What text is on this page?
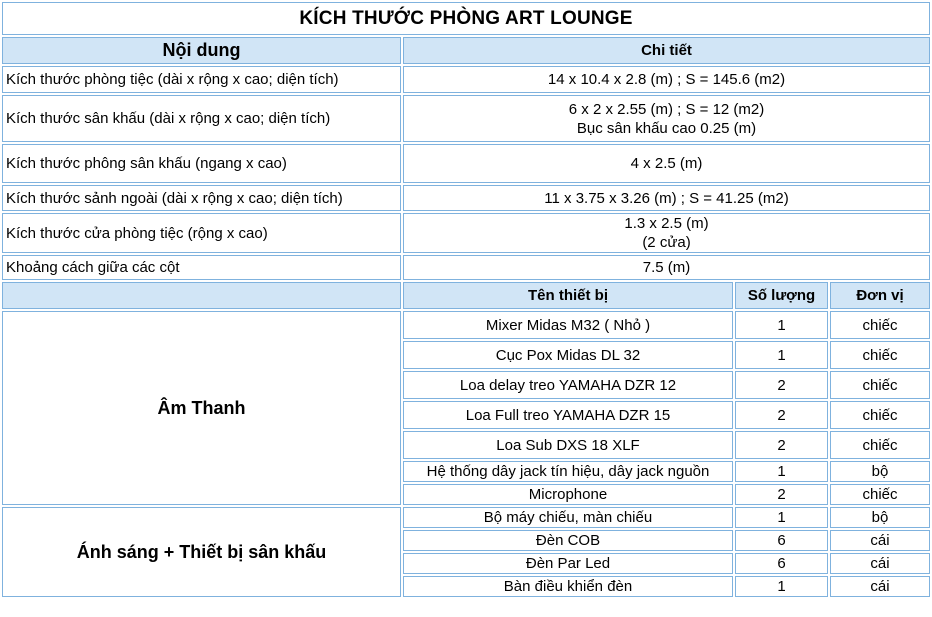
KÍCH THƯỚC PHÒNG ART LOUNGE			
Nội dung	Chi tiết		
Kích thước phòng tiệc (dài x rộng x cao; diện tích)	14 x 10.4 x 2.8 (m) ; S = 145.6 (m2)		
Kích thước sân khấu (dài x rộng x cao; diện tích)	6 x 2 x 2.55 (m) ; S = 12 (m2)
Bục sân khấu cao 0.25 (m)		

Kích thước phông sân khấu (ngang x cao)	4 x 2.5 (m)		
Kích thước sảnh ngoài (dài x rộng x cao; diện tích)	11 x 3.75 x 3.26 (m) ; S = 41.25 (m2)		
Kích thước cửa phòng tiệc (rộng x cao)	1.3 x 2.5 (m)
(2 cửa)		

Khoảng cách giữa các cột	7.5 (m)		
	Tên thiết bị	Số lượng	Đơn vị
Âm Thanh	Mixer Midas M32 ( Nhỏ )	1	chiếc
	Cục Pox Midas DL 32	1	chiếc
	Loa delay treo YAMAHA DZR 12	2	chiếc
	Loa Full treo YAMAHA DZR 15	2	chiếc
	Loa Sub DXS 18 XLF	2	chiếc
	Hệ thống dây jack tín hiệu, dây jack nguồn	1	bộ
	Microphone	2	chiếc
Ánh sáng + Thiết bị sân khấu	Bộ máy chiếu, màn chiếu	1	bộ
	Đèn COB	6	cái
	Đèn Par Led	6	cái
	Bàn điều khiển đèn	1	cái
